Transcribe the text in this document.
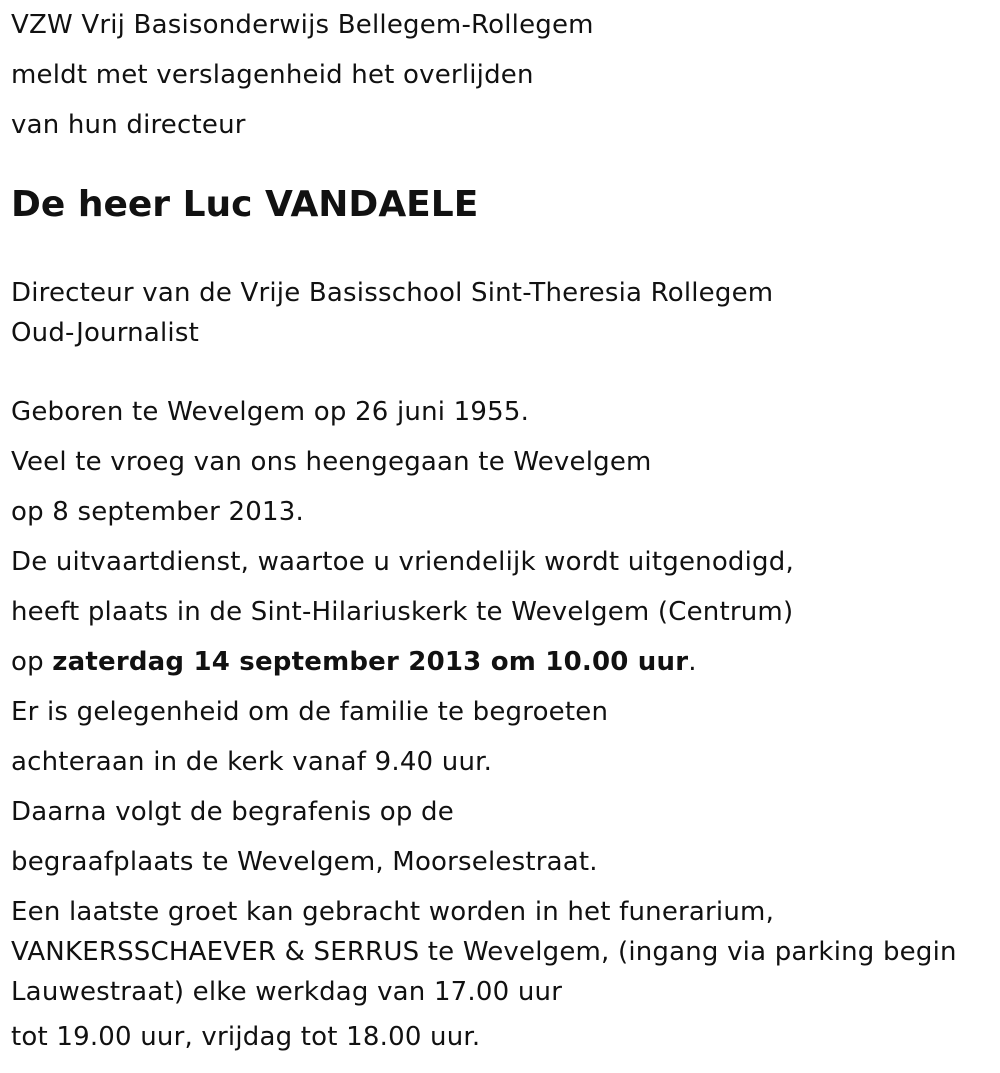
VZW Vrij Basisonderwijs Bellegem-Rollegem

meldt met verslagenheid het overlijden

van hun directeur

De heer Luc VANDAELE

Directeur van de Vrije Basisschool Sint-Theresia Rollegem

Oud-Journalist

Geboren te Wevelgem op 26 juni 1955.

Veel te vroeg van ons heengegaan te Wevelgem

op 8 september 2013.

De uitvaartdienst, waartoe u vriendelijk wordt uitgenodigd,

heeft plaats in de Sint-Hilariuskerk te Wevelgem (Centrum)

op zaterdag 14 september 2013 om 10.00 uur.

Er is gelegenheid om de familie te begroeten

achteraan in de kerk vanaf 9.40 uur.

Daarna volgt de begrafenis op de

begraafplaats te Wevelgem, Moorselestraat.

Een laatste groet kan gebracht worden in het funerarium,

VANKERSSCHAEVER & SERRUS te Wevelgem, (ingang via parking begin

Lauwestraat) elke werkdag van 17.00 uur

tot 19.00 uur, vrijdag tot 18.00 uur.
